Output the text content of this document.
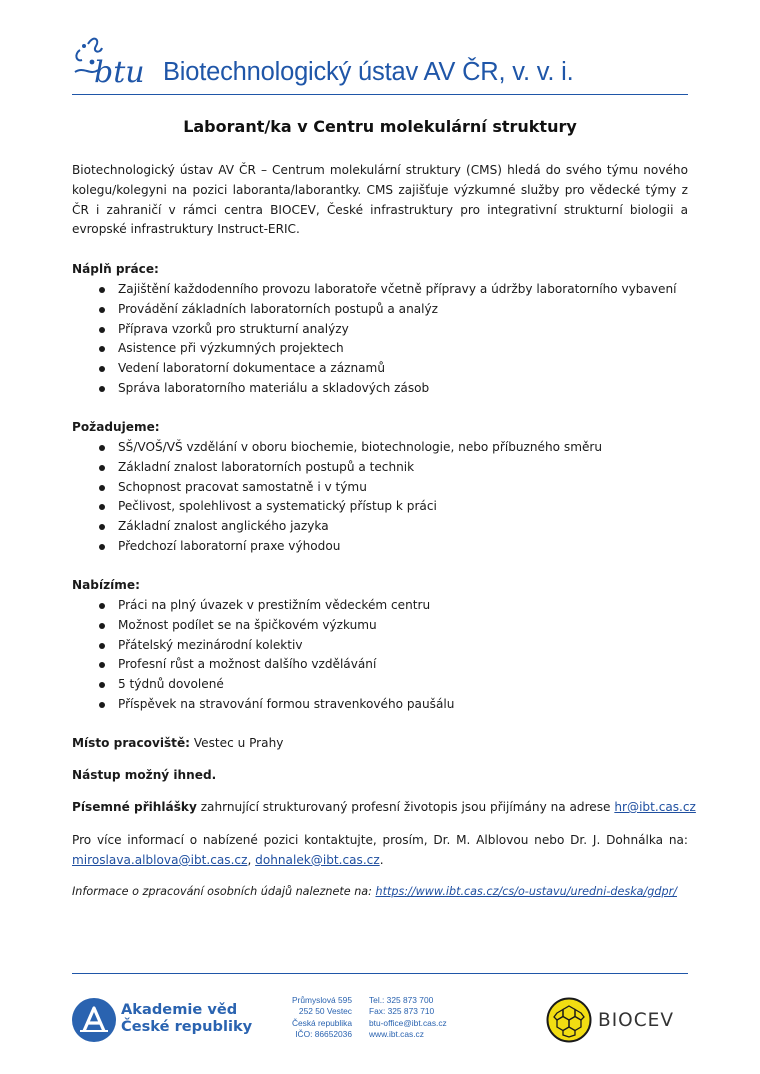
btu Biotechnologický ústav AV ČR, v. v. i.
Laborant/ka v Centru molekulární struktury
Biotechnologický ústav AV ČR – Centrum molekulární struktury (CMS) hledá do svého týmu nového kolegu/kolegyni na pozici laboranta/laborantky. CMS zajišťuje výzkumné služby pro vědecké týmy z ČR i zahraničí v rámci centra BIOCEV, České infrastruktury pro integrativní strukturní biologii a evropské infrastruktury Instruct-ERIC.
Náplň práce:
Zajištění každodenního provozu laboratoře včetně přípravy a údržby laboratorního vybavení
Provádění základních laboratorních postupů a analýz
Příprava vzorků pro strukturní analýzy
Asistence při výzkumných projektech
Vedení laboratorní dokumentace a záznamů
Správa laboratorního materiálu a skladových zásob
Požadujeme:
SŠ/VOŠ/VŠ vzdělání v oboru biochemie, biotechnologie, nebo příbuzného směru
Základní znalost laboratorních postupů a technik
Schopnost pracovat samostatně i v týmu
Pečlivost, spolehlivost a systematický přístup k práci
Základní znalost anglického jazyka
Předchozí laboratorní praxe výhodou
Nabízíme:
Práci na plný úvazek v prestižním vědeckém centru
Možnost podílet se na špičkovém výzkumu
Přátelský mezinárodní kolektiv
Profesní růst a možnost dalšího vzdělávání
5 týdnů dovolené
Příspěvek na stravování formou stravenkového paušálu
Místo pracoviště: Vestec u Prahy
Nástup možný ihned.
Písemné přihlášky zahrnující strukturovaný profesní životopis jsou přijímány na adrese hr@ibt.cas.cz
Pro více informací o nabízené pozici kontaktujte, prosím, Dr. M. Alblovou nebo Dr. J. Dohnálka na: miroslava.alblova@ibt.cas.cz, dohnalek@ibt.cas.cz.
Informace o zpracování osobních údajů naleznete na: https://www.ibt.cas.cz/cs/o-ustavu/uredni-deska/gdpr/
Akademie věd
České republiky
Průmyslová 595
252 50 Vestec
Česká republika
IČO: 86652036
Tel.: 325 873 700
Fax: 325 873 710
btu-office@ibt.cas.cz
www.ibt.cas.cz
BIOCEV
